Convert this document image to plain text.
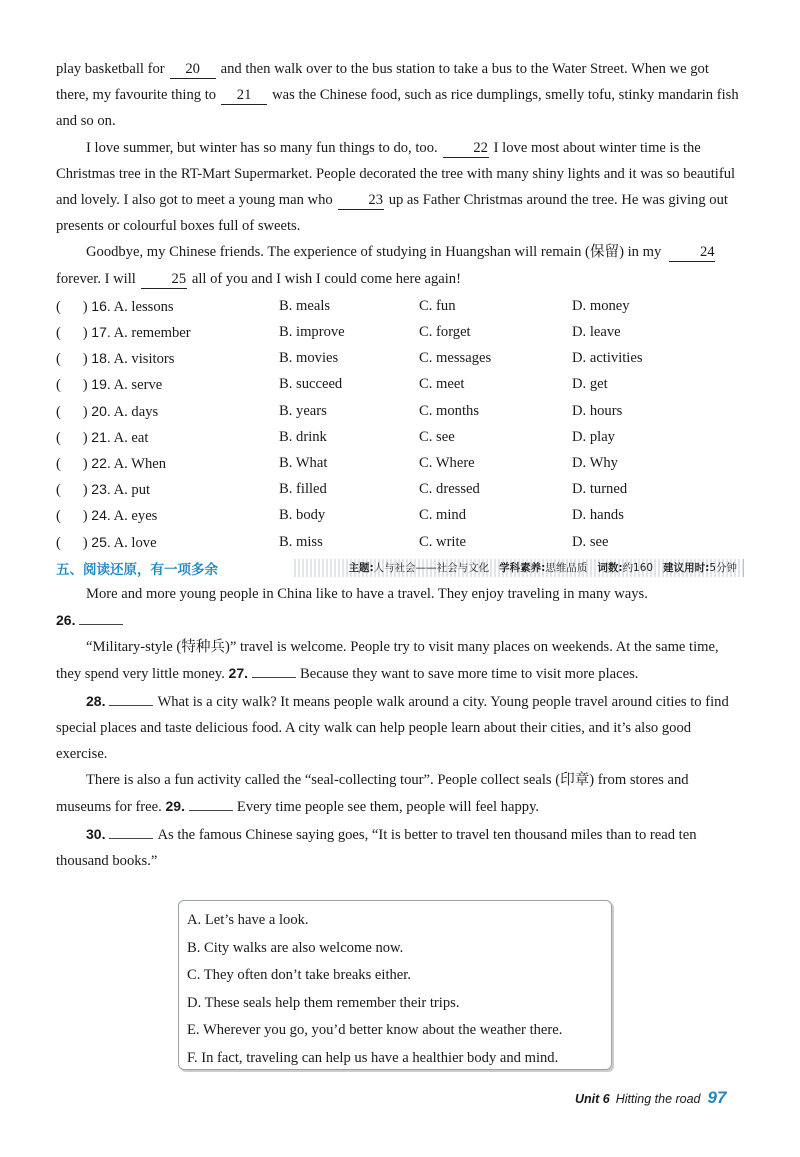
play basketball for 20 and then walk over to the bus station to take a bus to the Water Street. When we got there, my favourite thing to 21 was the Chinese food, such as rice dumplings, smelly tofu, stinky mandarin fish and so on.

I love summer, but winter has so many fun things to do, too. 22 I love most about winter time is the Christmas tree in the RT-Mart Supermarket. People decorated the tree with many shiny lights and it was so beautiful and lovely. I also got to meet a young man who 23 up as Father Christmas around the tree. He was giving out presents or colourful boxes full of sweets.

Goodbye, my Chinese friends. The experience of studying in Huangshan will remain (保留) in my	24forever. I will 25 all of you and I wish I could come here again!

(      ) 16. A. lessons	B. meals	C. fun	D. money
(      ) 17. A. remember	B. improve	C. forget	D. leave
(      ) 18. A. visitors	B. movies	C. messages	D. activities
(      ) 19. A. serve	B. succeed	C. meet	D. get
(      ) 20. A. days	B. years	C. months	D. hours
(      ) 21. A. eat	B. drink	C. see	D. play
(      ) 22. A. When	B. What	C. Where	D. Why
(      ) 23. A. put	B. filled	C. dressed	D. turned
(      ) 24. A. eyes	B. body	C. mind	D. hands
(      ) 25. A. love	B. miss	C. write	D. see
五、阅读还原，有一项多余	主题: 人与社会——社会与文化 学科素养: 思维品质 词数: 约160 建议用时: 5分钟

More and more young people in China like to have a travel. They enjoy traveling in many ways.

26.

“Military-style (特种兵)” travel is welcome. People try to visit many places on weekends. At the same time, they spend very little money. 27.	Because they want to save more time to visit more places.

28.	What is a city walk? It means people walk around a city. Young people travel around cities to find special places and taste delicious food. A city walk can help people learn about their cities, and it’s also good exercise.

There is also a fun activity called the “seal-collecting tour”. People collect seals (印章) from stores and museums for free. 29.	Every time people see them, people will feel happy.

30.	As the famous Chinese saying goes, “It is better to travel ten thousand miles than to read ten thousand books.”

A. Let’s have a look.
B. City walks are also welcome now.
C. They often don’t take breaks either.
D. These seals help them remember their trips.
E. Wherever you go, you’d better know about the weather there.
F. In fact, traveling can help us have a healthier body and mind.
Unit 6 Hitting the road 97
